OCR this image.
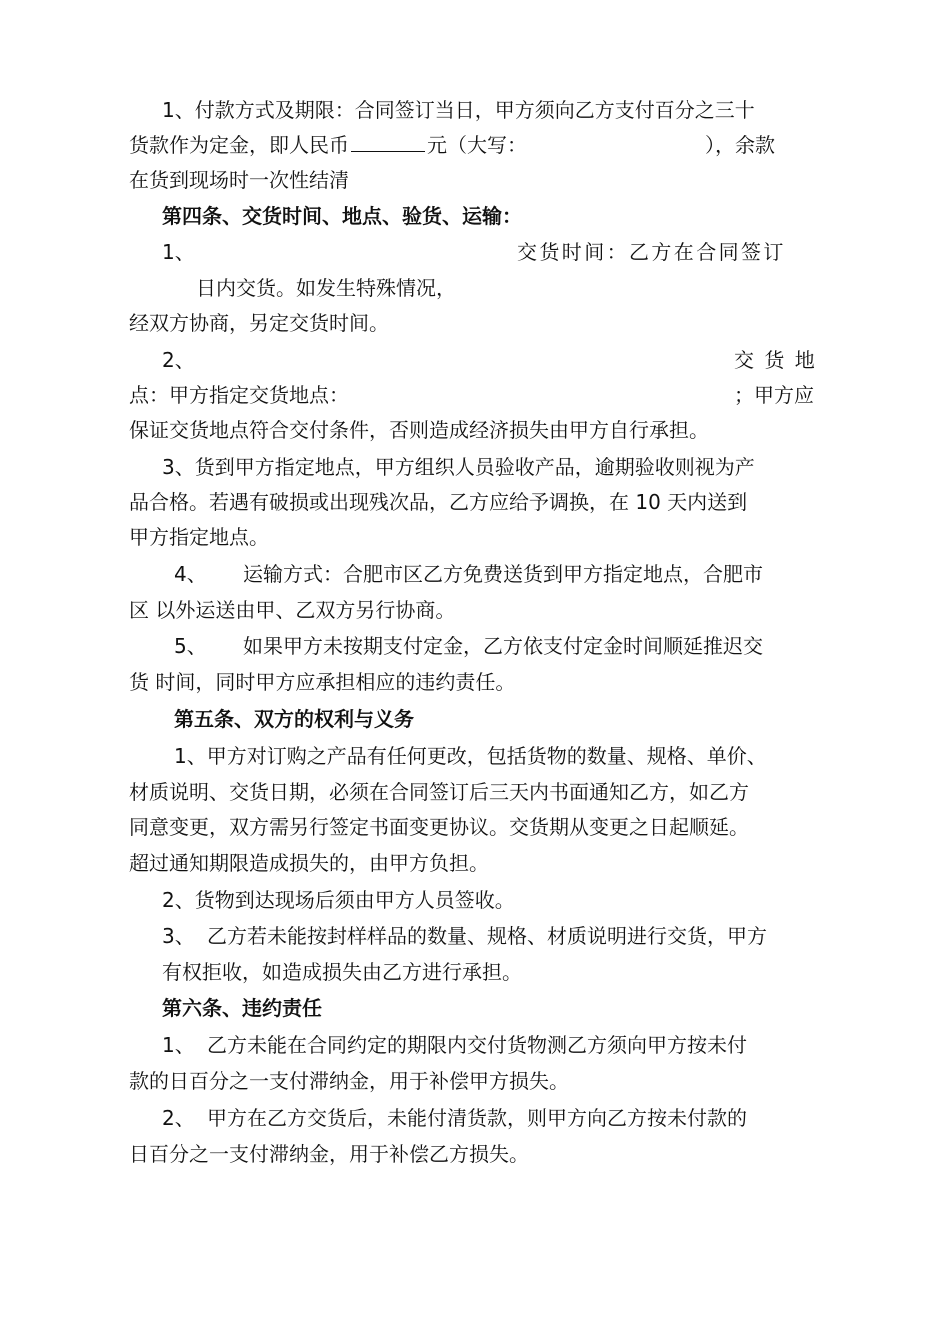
1、付款方式及期限：合同签订当日，甲方须向乙方支付百分之三十
货款作为定金，即人民币	元（大写：	），余款
在货到现场时一次性结清
第四条、交货时间、地点、验货、运输：
1、	交货时间：乙方在合同签订
日内交货。如发生特殊情况，
经双方协商，另定交货时间。
2、	交 货 地
点：甲方指定交货地点：	；甲方应
保证交货地点符合交付条件，否则造成经济损失由甲方自行承担。
3、货到甲方指定地点，甲方组织人员验收产品，逾期验收则视为产
品合格。若遇有破损或出现残次品，乙方应给予调换，在 10 天内送到
甲方指定地点。
4、 运输方式：合肥市区乙方免费送货到甲方指定地点，合肥市
区 以外运送由甲、乙双方另行协商。
5、 如果甲方未按期支付定金，乙方依支付定金时间顺延推迟交
货 时间，同时甲方应承担相应的违约责任。
第五条、双方的权利与义务
1、甲方对订购之产品有任何更改，包括货物的数量、规格、单价、
材质说明、交货日期，必须在合同签订后三天内书面通知乙方，如乙方
同意变更，双方需另行签定书面变更协议。交货期从变更之日起顺延。
超过通知期限造成损失的，由甲方负担。
2、货物到达现场后须由甲方人员签收。
3、 乙方若未能按封样样品的数量、规格、材质说明进行交货，甲方
有权拒收，如造成损失由乙方进行承担。
第六条、违约责任
1、 乙方未能在合同约定的期限内交付货物测乙方须向甲方按未付
款的日百分之一支付滞纳金，用于补偿甲方损失。
2、 甲方在乙方交货后，未能付清货款，则甲方向乙方按未付款的
日百分之一支付滞纳金，用于补偿乙方损失。
